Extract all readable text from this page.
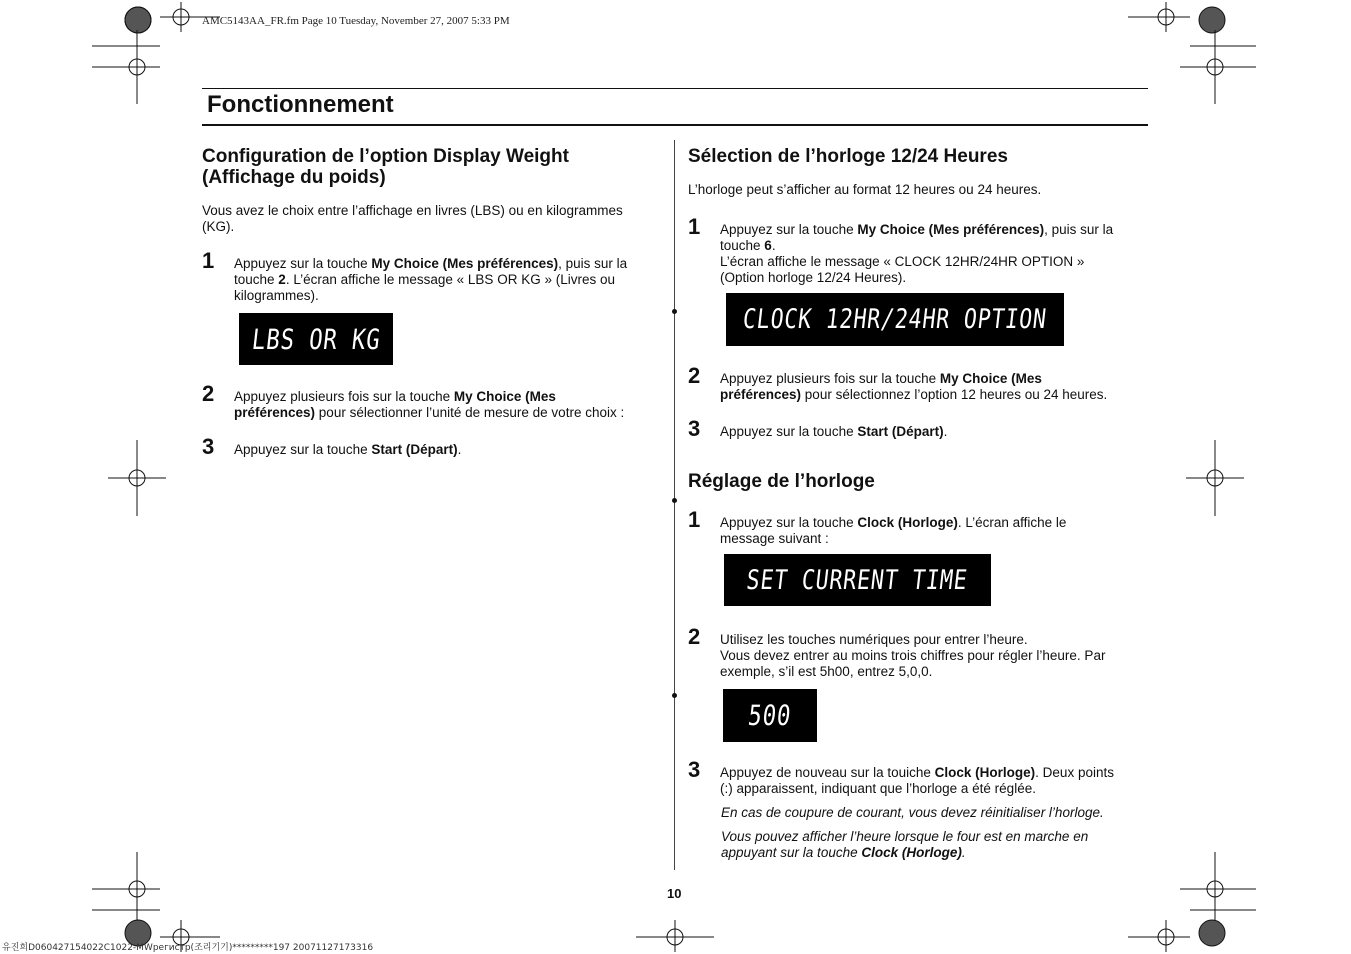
AMC5143AA_FR.fm Page 10 Tuesday, November 27, 2007 5:33 PM
Fonctionnement
Configuration de l’option Display Weight
(Affichage du poids)
Vous avez le choix entre l’affichage en livres (LBS) ou en kilogrammes
(KG).
1 Appuyez sur la touche My Choice (Mes préférences), puis sur la
touche 2. L’écran affiche le message « LBS OR KG » (Livres ou
kilogrammes).
LBS OR KG
2 Appuyez plusieurs fois sur la touche My Choice (Mes
préférences) pour sélectionner l’unité de mesure de votre choix :
3 Appuyez sur la touche Start (Départ).
Sélection de l’horloge 12/24 Heures
L’horloge peut s’afficher au format 12 heures ou 24 heures.
1 Appuyez sur la touche My Choice (Mes préférences), puis sur la
touche 6.
L’écran affiche le message « CLOCK 12HR/24HR OPTION »
(Option horloge 12/24 Heures).
CLOCK 12HR/24HR OPTION
2 Appuyez plusieurs fois sur la touche My Choice (Mes
préférences) pour sélectionnez l’option 12 heures ou 24 heures.
3 Appuyez sur la touche Start (Départ).
Réglage de l’horloge
1 Appuyez sur la touche Clock (Horloge). L’écran affiche le
message suivant :
SET CURRENT TIME
2 Utilisez les touches numériques pour entrer l’heure.
Vous devez entrer au moins trois chiffres pour régler l’heure. Par
exemple, s’il est 5h00, entrez 5,0,0.
500
3 Appuyez de nouveau sur la touiche Clock (Horloge). Deux points
(:) apparaissent, indiquant que l’horloge a été réglée.
En cas de coupure de courant, vous devez réinitialiser l’horloge.
Vous pouvez afficher l’heure lorsque le four est en marche en
appuyant sur la touche Clock (Horloge).
10
유진희D060427154022C1022-MWрегистр(조리기기)*********197 20071127173316
